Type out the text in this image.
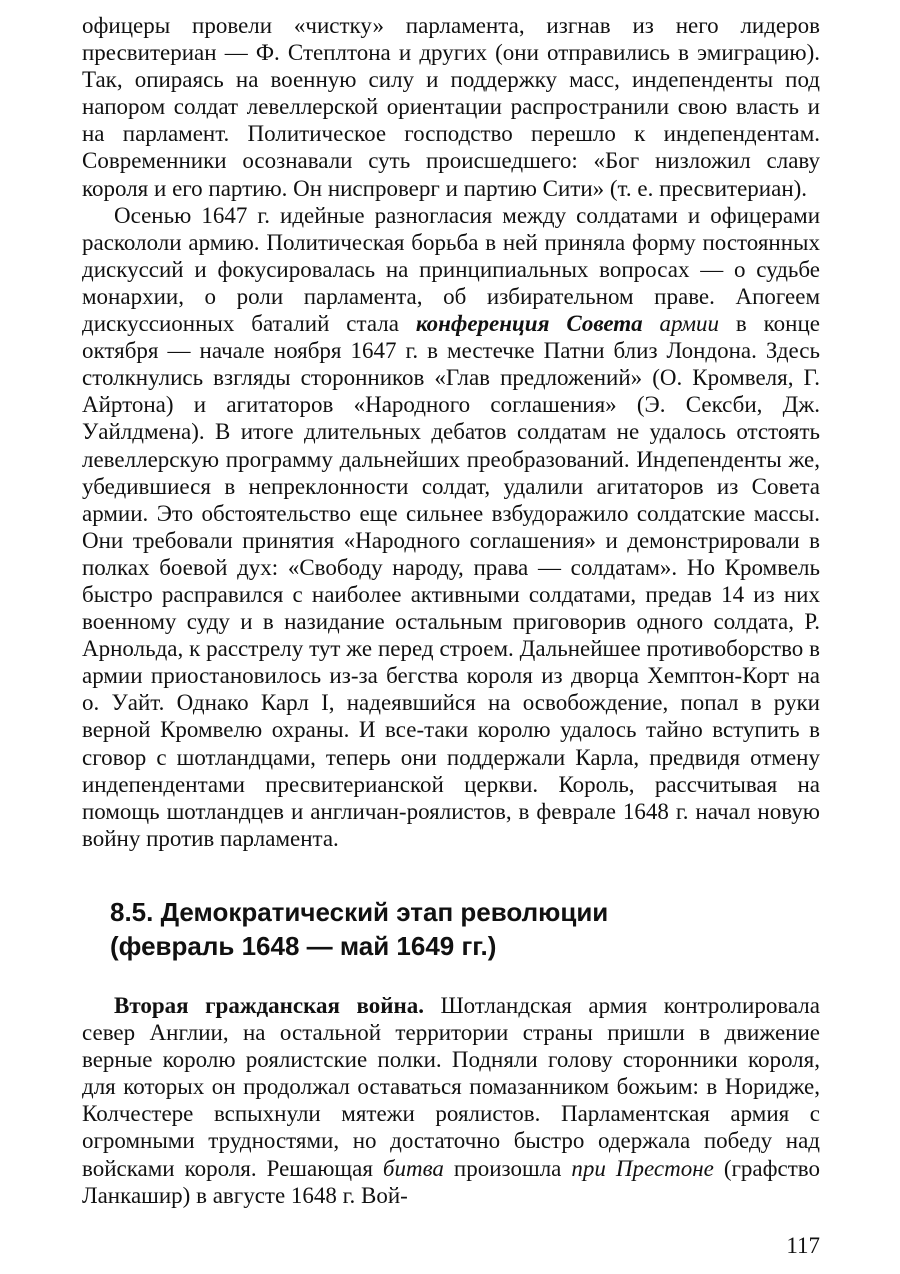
офицеры провели «чистку» парламента, изгнав из него лидеров пресвитериан — Ф. Степлтона и других (они отправились в эмиграцию). Так, опираясь на военную силу и поддержку масс, индепенденты под напором солдат левеллерской ориентации распространили свою власть и на парламент. Политическое господство перешло к индепендентам. Современники осознавали суть происшедшего: «Бог низложил славу короля и его партию. Он ниспроверг и партию Сити» (т. е. пресвитериан).

Осенью 1647 г. идейные разногласия между солдатами и офицерами раскололи армию. Политическая борьба в ней приняла форму постоянных дискуссий и фокусировалась на принципиальных вопросах — о судьбе монархии, о роли парламента, об избирательном праве. Апогеем дискуссионных баталий стала конференция Совета армии в конце октября — начале ноября 1647 г. в местечке Патни близ Лондона. Здесь столкнулись взгляды сторонников «Глав предложений» (О. Кромвеля, Г. Айртона) и агитаторов «Народного соглашения» (Э. Сексби, Дж. Уайлдмена). В итоге длительных дебатов солдатам не удалось отстоять левеллерскую программу дальнейших преобразований. Индепенденты же, убедившиеся в непреклонности солдат, удалили агитаторов из Совета армии. Это обстоятельство еще сильнее взбудоражило солдатские массы. Они требовали принятия «Народного соглашения» и демонстрировали в полках боевой дух: «Свободу народу, права — солдатам». Но Кромвель быстро расправился с наиболее активными солдатами, предав 14 из них военному суду и в назидание остальным приговорив одного солдата, Р. Арнольда, к расстрелу тут же перед строем. Дальнейшее противоборство в армии приостановилось из-за бегства короля из дворца Хемптон-Корт на о. Уайт. Однако Карл I, надеявшийся на освобождение, попал в руки верной Кромвелю охраны. И все-таки королю удалось тайно вступить в сговор с шотландцами, теперь они поддержали Карла, предвидя отмену индепендентами пресвитерианской церкви. Король, рассчитывая на помощь шотландцев и англичан-роялистов, в феврале 1648 г. начал новую войну против парламента.

8.5. Демократический этап революции
(февраль 1648 — май 1649 гг.)

Вторая гражданская война. Шотландская армия контролировала север Англии, на остальной территории страны пришли в движение верные королю роялистские полки. Подняли голову сторонники короля, для которых он продолжал оставаться помазанником божьим: в Норидже, Колчестере вспыхнули мятежи роялистов. Парламентская армия с огромными трудностями, но достаточно быстро одержала победу над войсками короля. Решающая битва произошла при Престоне (графство Ланкашир) в августе 1648 г. Вой-

117
